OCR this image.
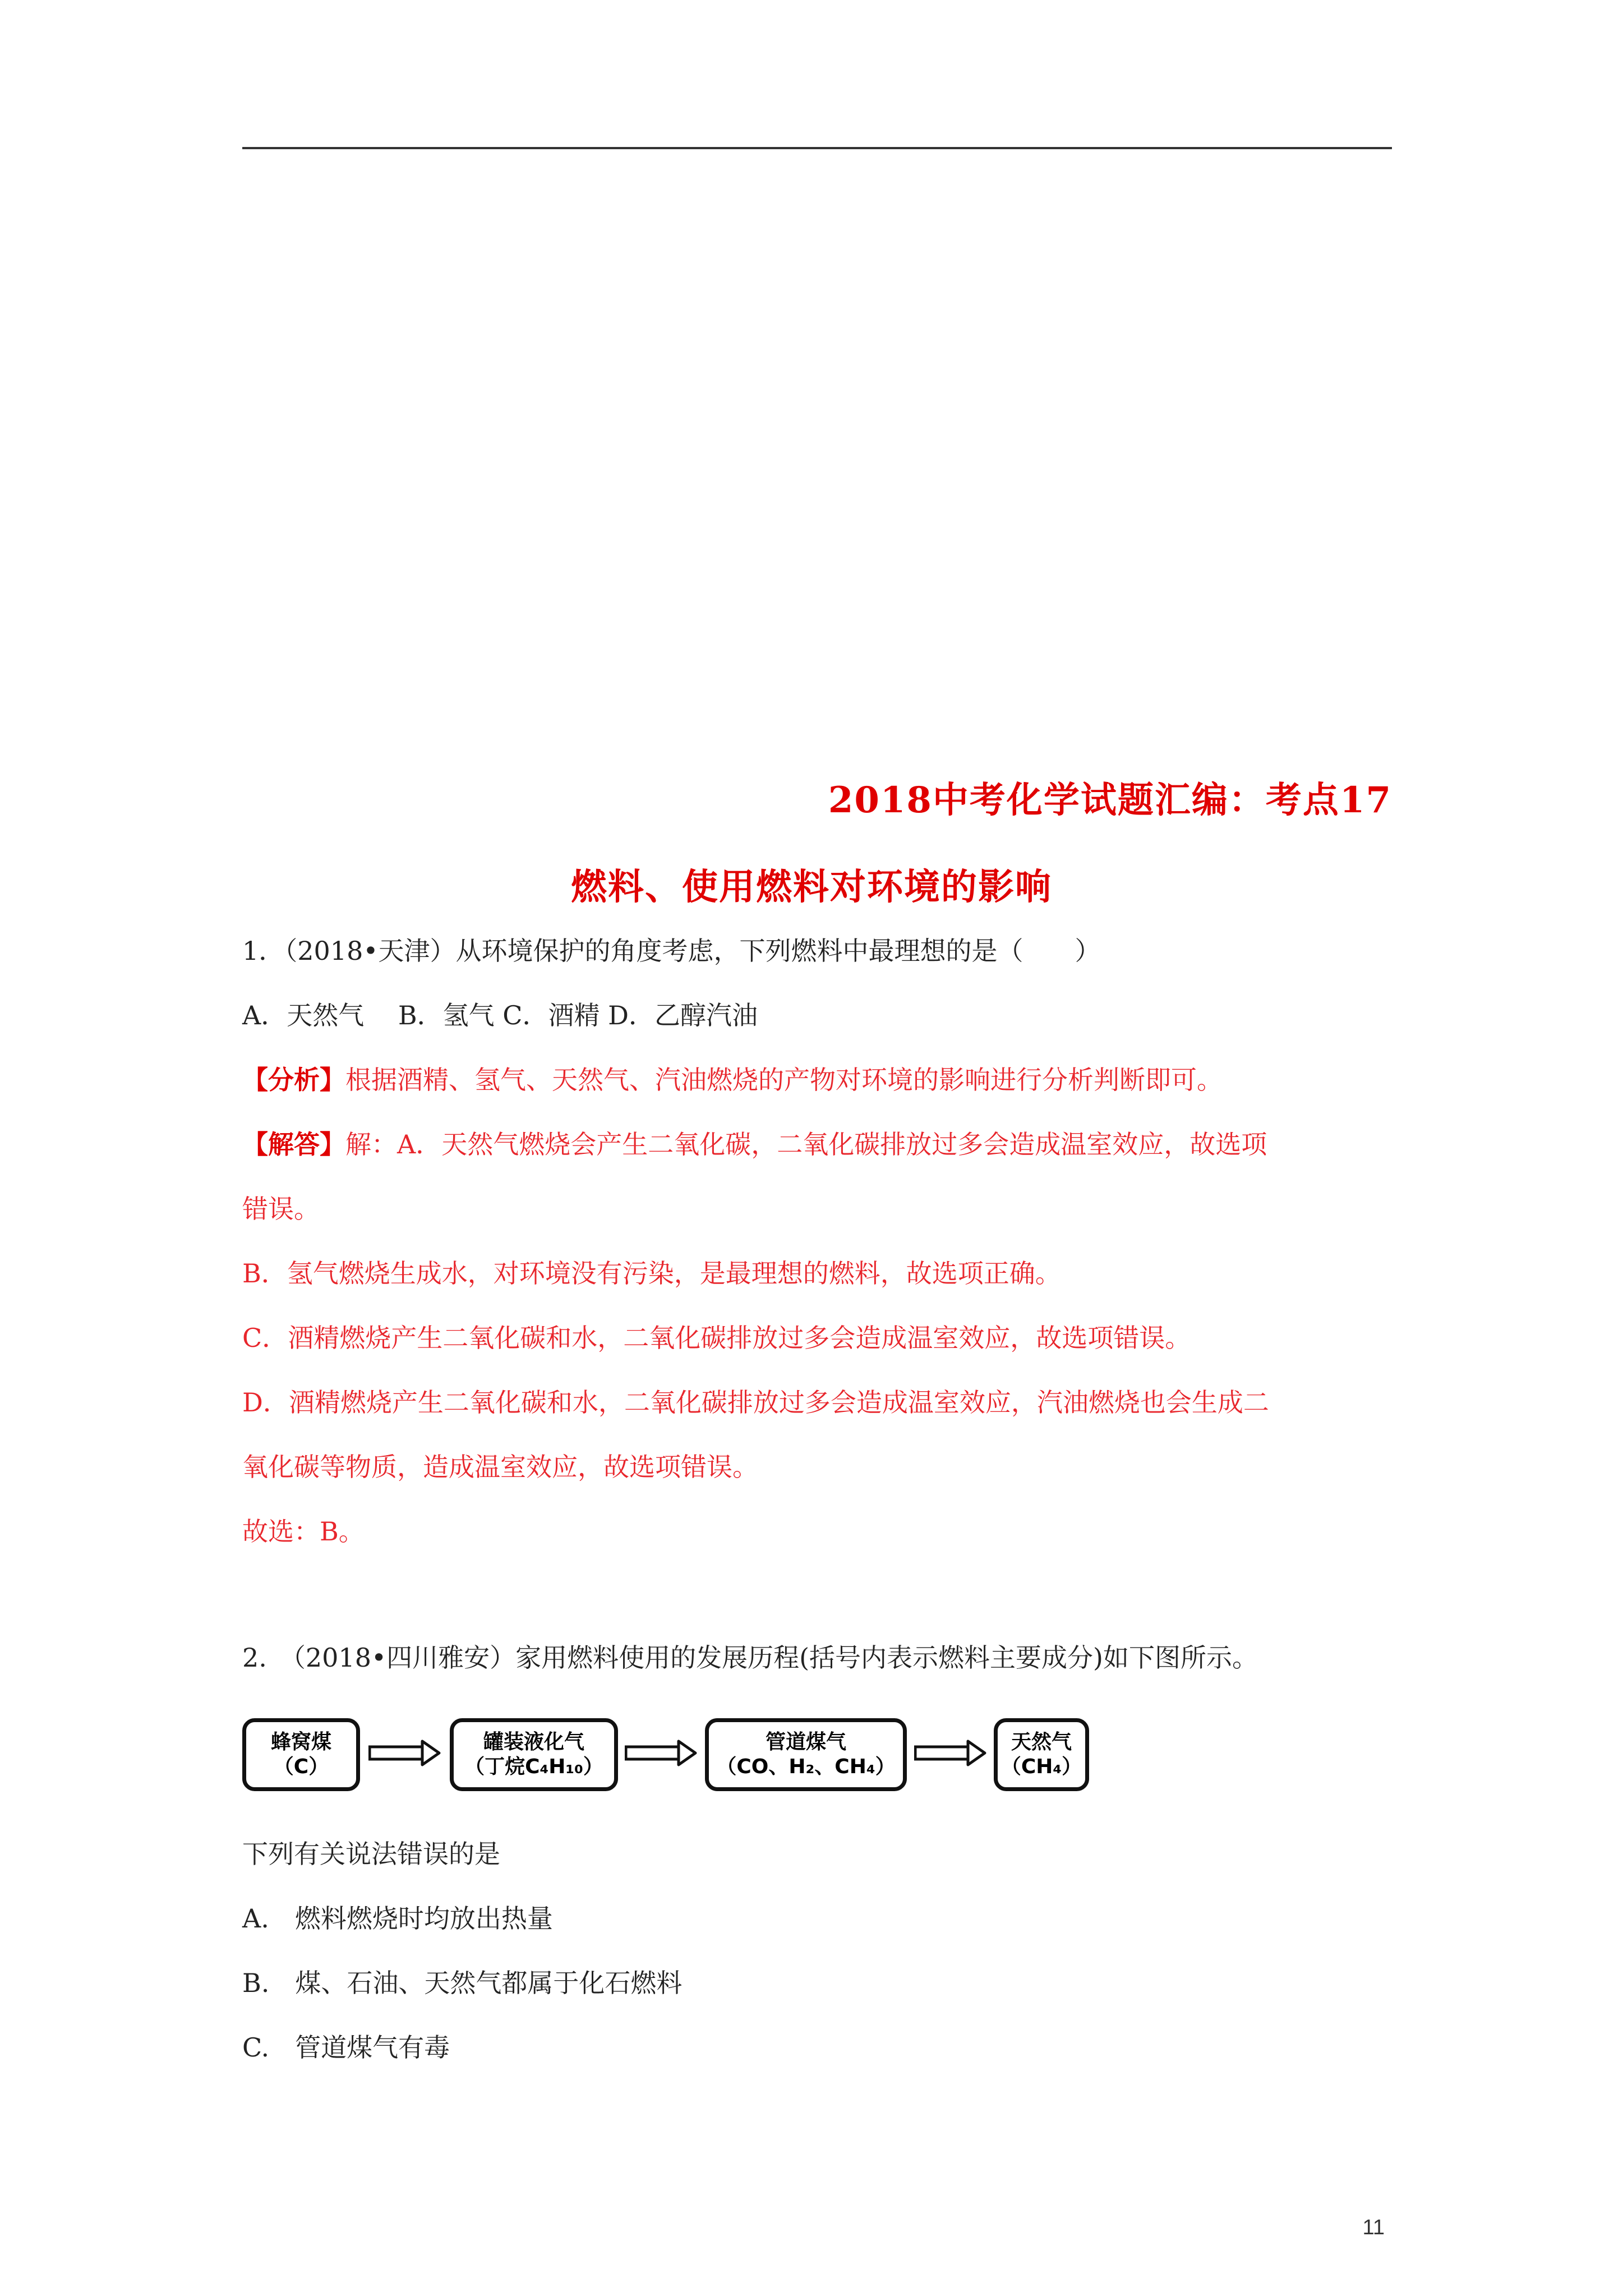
2018中考化学试题汇编：考点17
燃料、使用燃料对环境的影响
1．（2018•天津）从环境保护的角度考虑，下列燃料中最理想的是（　　）
A．天然气　 B．氢气 C．酒精 D．乙醇汽油
【分析】根据酒精、氢气、天然气、汽油燃烧的产物对环境的影响进行分析判断即可。
【解答】解：A．天然气燃烧会产生二氧化碳，二氧化碳排放过多会造成温室效应，故选项
错误。
B．氢气燃烧生成水，对环境没有污染，是最理想的燃料，故选项正确。
C．酒精燃烧产生二氧化碳和水，二氧化碳排放过多会造成温室效应，故选项错误。
D．酒精燃烧产生二氧化碳和水，二氧化碳排放过多会造成温室效应，汽油燃烧也会生成二
氧化碳等物质，造成温室效应，故选项错误。
故选：B。
2.　（2018•四川雅安）家用燃料使用的发展历程(括号内表示燃料主要成分)如下图所示。
蜂窝煤
（C）
罐装液化气
（丁烷C₄H₁₀）
管道煤气
（CO、H₂、CH₄）
天然气
（CH₄）
下列有关说法错误的是
A.　燃料燃烧时均放出热量
B.　煤、石油、天然气都属于化石燃料
C.　管道煤气有毒
11
